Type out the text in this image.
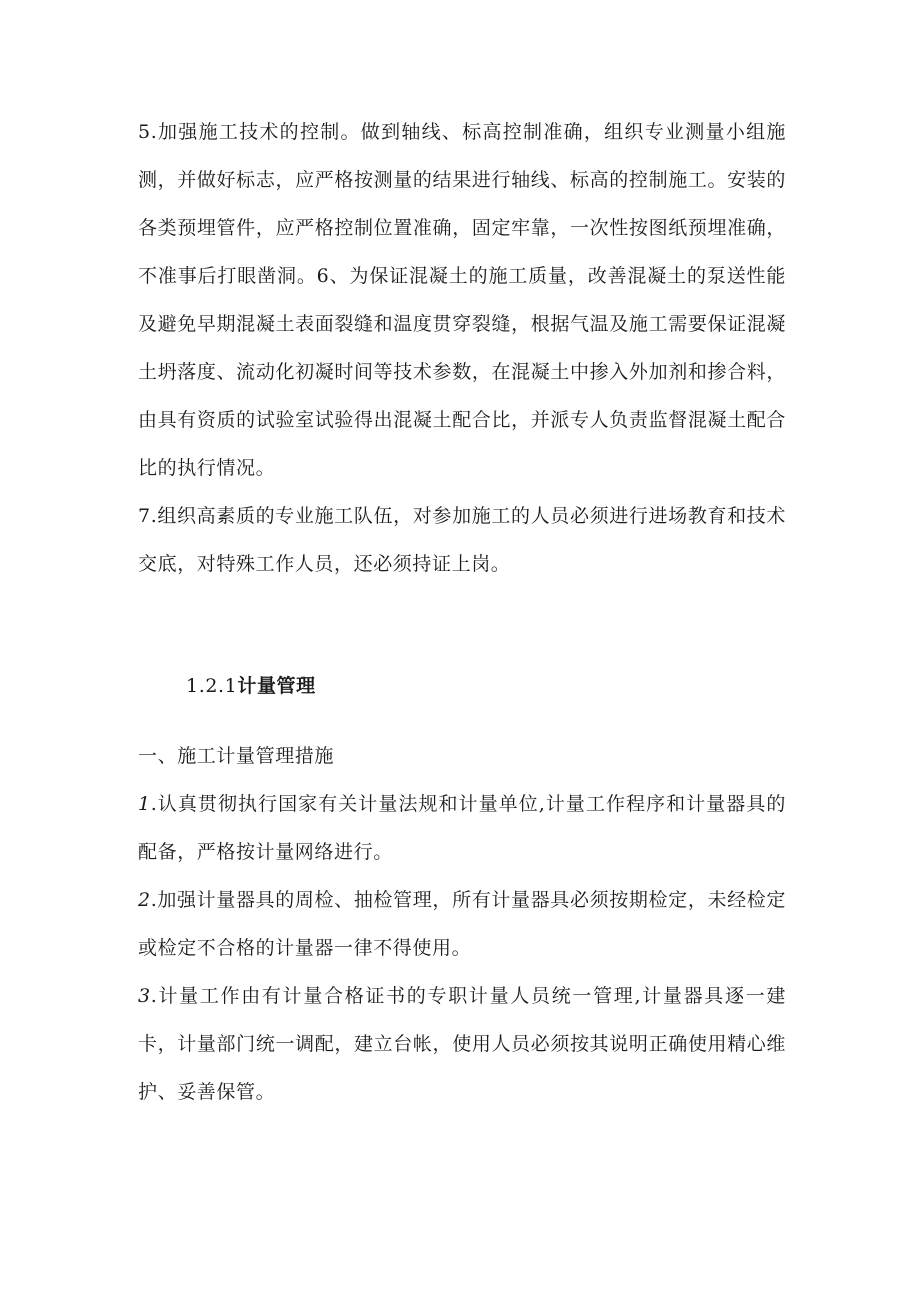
5.加强施工技术的控制。做到轴线、标高控制准确，组织专业测量小组施测，并做好标志，应严格按测量的结果进行轴线、标高的控制施工。安装的各类预埋管件，应严格控制位置准确，固定牢靠，一次性按图纸预埋准确，不准事后打眼凿洞。6、为保证混凝土的施工质量，改善混凝土的泵送性能及避免早期混凝土表面裂缝和温度贯穿裂缝，根据气温及施工需要保证混凝土坍落度、流动化初凝时间等技术参数，在混凝土中掺入外加剂和掺合料，由具有资质的试验室试验得出混凝土配合比，并派专人负责监督混凝土配合比的执行情况。

7.组织高素质的专业施工队伍，对参加施工的人员必须进行进场教育和技术交底，对特殊工作人员，还必须持证上岗。

1.2.1计量管理

一、施工计量管理措施

1.认真贯彻执行国家有关计量法规和计量单位,计量工作程序和计量器具的配备，严格按计量网络进行。

2.加强计量器具的周检、抽检管理，所有计量器具必须按期检定，未经检定或检定不合格的计量器一律不得使用。

3.计量工作由有计量合格证书的专职计量人员统一管理,计量器具逐一建卡，计量部门统一调配，建立台帐，使用人员必须按其说明正确使用精心维护、妥善保管。
